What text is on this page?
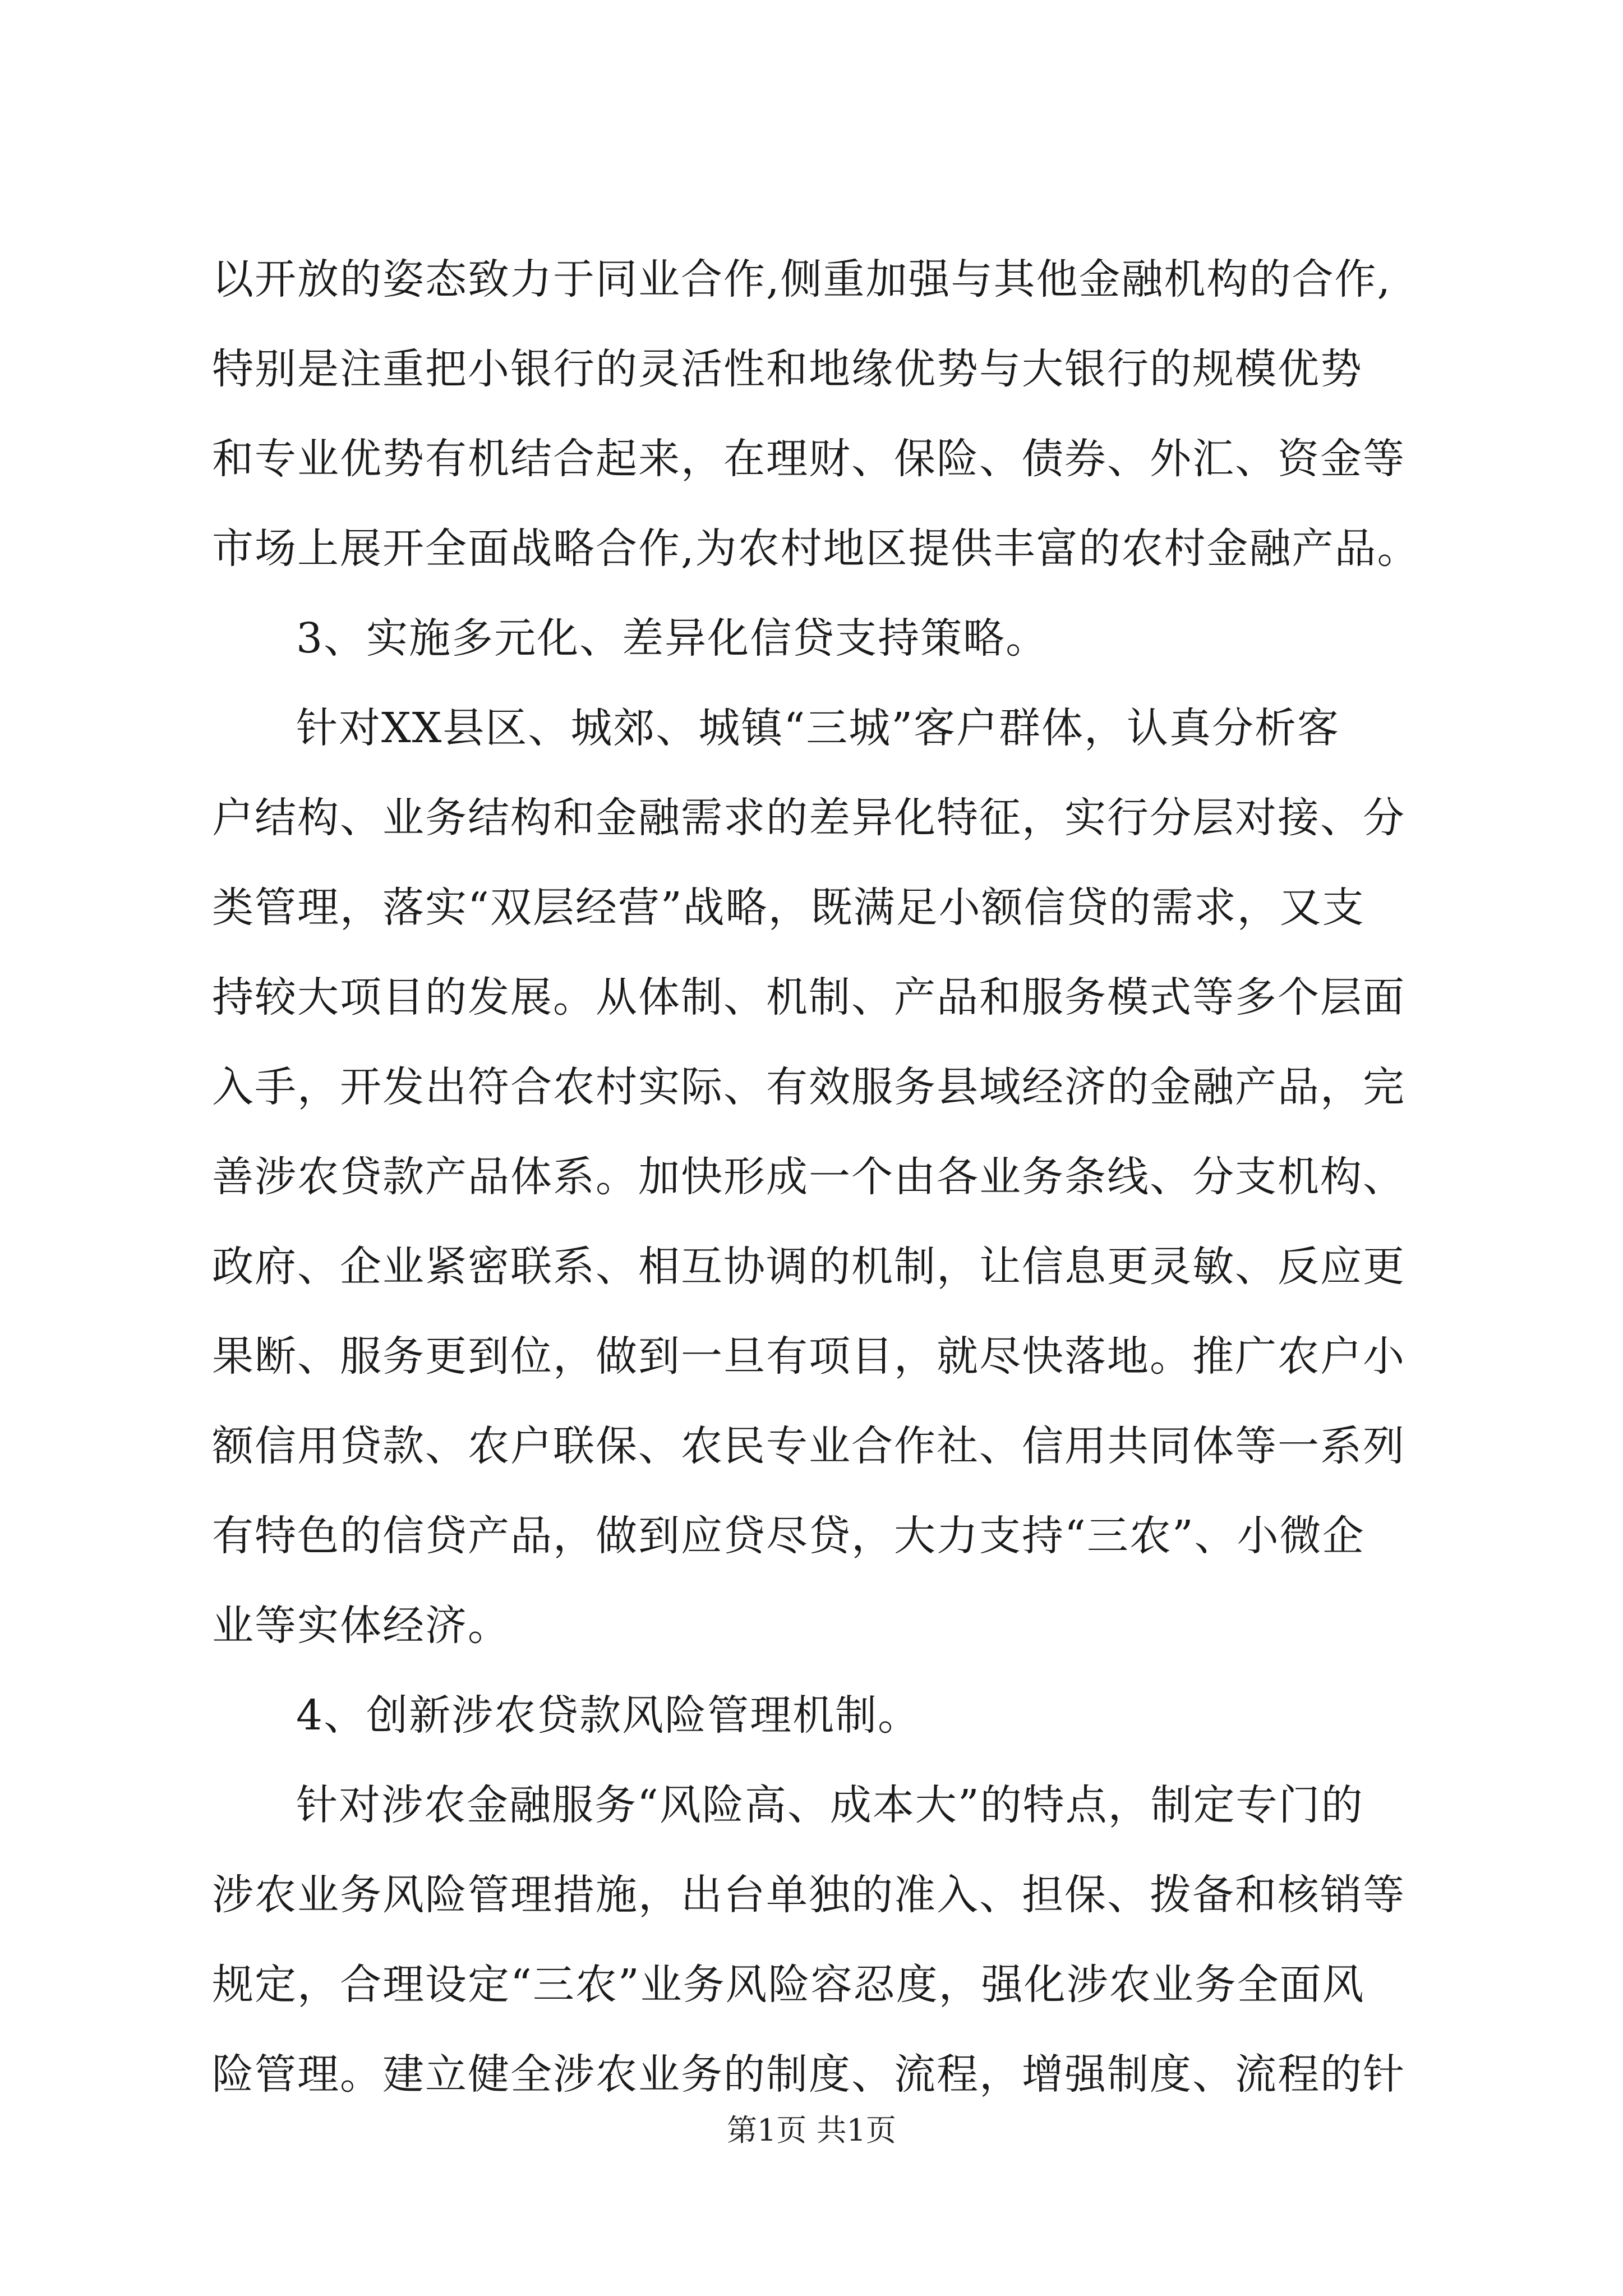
以开放的姿态致力于同业合作,侧重加强与其他金融机构的合作,
特别是注重把小银行的灵活性和地缘优势与大银行的规模优势
和专业优势有机结合起来，在理财、保险、债券、外汇、资金等
市场上展开全面战略合作,为农村地区提供丰富的农村金融产品。
3、实施多元化、差异化信贷支持策略。
针对XX县区、城郊、城镇“三城”客户群体，认真分析客
户结构、业务结构和金融需求的差异化特征，实行分层对接、分
类管理，落实“双层经营”战略，既满足小额信贷的需求，又支
持较大项目的发展。从体制、机制、产品和服务模式等多个层面
入手，开发出符合农村实际、有效服务县域经济的金融产品，完
善涉农贷款产品体系。加快形成一个由各业务条线、分支机构、
政府、企业紧密联系、相互协调的机制，让信息更灵敏、反应更
果断、服务更到位，做到一旦有项目，就尽快落地。推广农户小
额信用贷款、农户联保、农民专业合作社、信用共同体等一系列
有特色的信贷产品，做到应贷尽贷，大力支持“三农”、小微企
业等实体经济。
4、创新涉农贷款风险管理机制。
针对涉农金融服务“风险高、成本大”的特点，制定专门的
涉农业务风险管理措施，出台单独的准入、担保、拨备和核销等
规定，合理设定“三农”业务风险容忍度，强化涉农业务全面风
险管理。建立健全涉农业务的制度、流程，增强制度、流程的针
第1页 共1页
